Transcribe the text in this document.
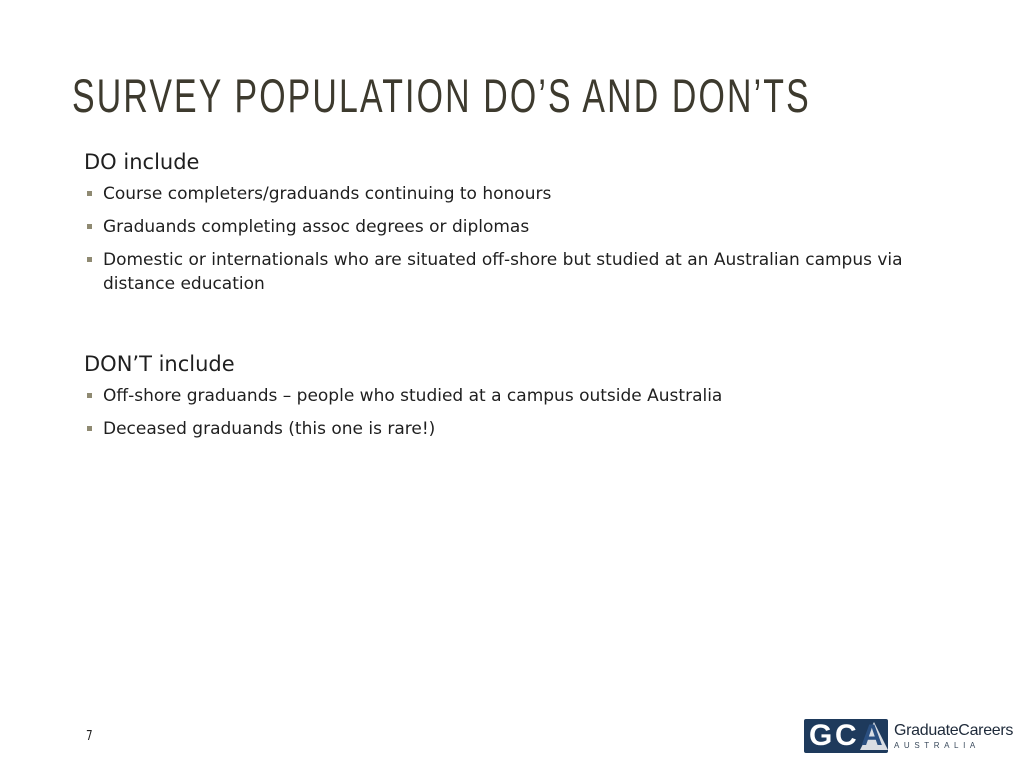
SURVEY POPULATION DO’S AND DON’TS
DO include
Course completers/graduands continuing to honours
Graduands completing assoc degrees or diplomas
Domestic or internationals who are situated off-shore but studied at an Australian campus via distance education
DON’T include
Off-shore graduands – people who studied at a campus outside Australia
Deceased graduands (this one is rare!)
7	G C A GraduateCareers
AUSTRALIA
